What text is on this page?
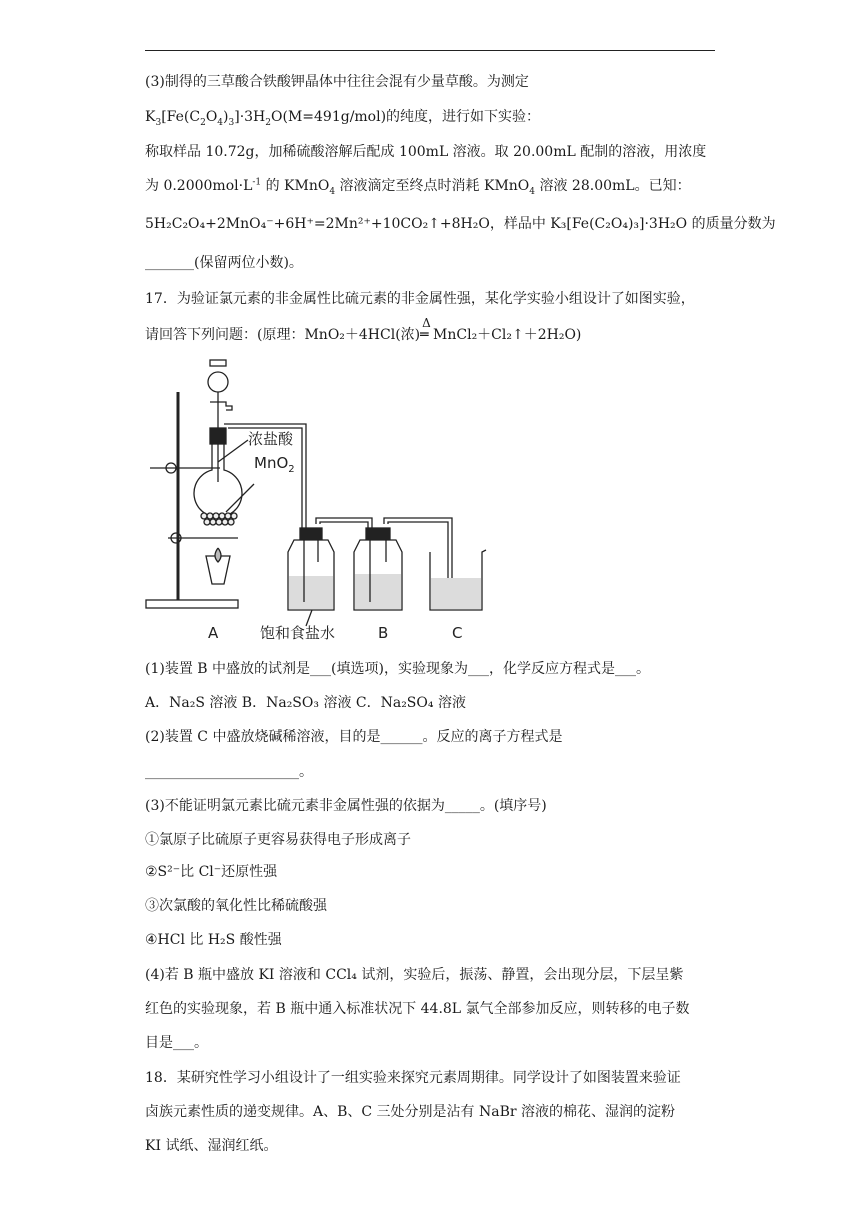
(3)制得的三草酸合铁酸钾晶体中往往会混有少量草酸。为测定
$K_3[Fe(C_2O_4)_3]\cdot 3H_2O(M=491g/mol)$的纯度，进行如下实验：
称取样品 10.72g，加稀硫酸溶解后配成 100mL 溶液。取 20.00mL 配制的溶液，用浓度
为 $0.2000mol\cdot L^{-1}$ 的 KMnO$_4$ 溶液滴定至终点时消耗 KMnO$_4$ 溶液 28.00mL。已知：
5H₂C₂O₄+2MnO₄⁻+6H⁺=2Mn²⁺+10CO₂↑+8H₂O，样品中 K₃[Fe(C₂O₄)₃]·3H₂O 的质量分数为
_______(保留两位小数)。
17．为验证氯元素的非金属性比硫元素的非金属性强，某化学实验小组设计了如图实验，
请回答下列问题：(原理：MnO₂＋4HCl(浓)
Δ
═ MnCl₂＋Cl₂↑＋2H₂O)
浓盐酸
MnO$_2$
A	饱和食盐水	B	C
(1)装置 B 中盛放的试剂是___(填选项)，实验现象为___，化学反应方程式是___。
A．Na₂S 溶液 B．Na₂SO₃ 溶液 C．Na₂SO₄ 溶液
(2)装置 C 中盛放烧碱稀溶液，目的是______。反应的离子方程式是
______________________。
(3)不能证明氯元素比硫元素非金属性强的依据为_____。(填序号)
①氯原子比硫原子更容易获得电子形成离子
②S²⁻比 Cl⁻还原性强
③次氯酸的氧化性比稀硫酸强
④HCl 比 H₂S 酸性强
(4)若 B 瓶中盛放 KI 溶液和 CCl₄ 试剂，实验后，振荡、静置，会出现分层，下层呈紫
红色的实验现象，若 B 瓶中通入标准状况下 44.8L 氯气全部参加反应，则转移的电子数
目是___。
18．某研究性学习小组设计了一组实验来探究元素周期律。同学设计了如图装置来验证
卤族元素性质的递变规律。A、B、C 三处分别是沾有 NaBr 溶液的棉花、湿润的淀粉
KI 试纸、湿润红纸。
